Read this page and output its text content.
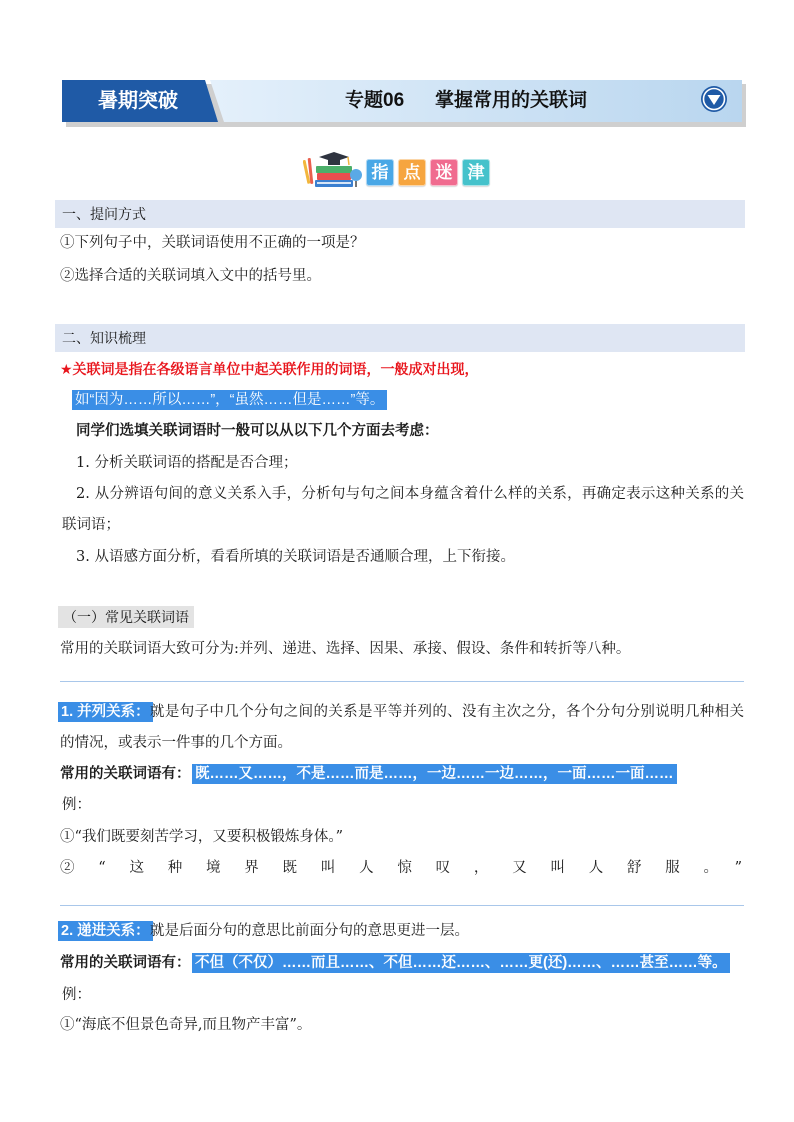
暑期突破	专题06 掌握常用的关联词
指 点 迷 津
一、提问方式
①下列句子中，关联词语使用不正确的一项是？
②选择合适的关联词填入文中的括号里。
二、知识梳理
★关联词是指在各级语言单位中起关联作用的词语，一般成对出现，
如“因为……所以……”，“虽然……但是……”等。
同学们选填关联词语时一般可以从以下几个方面去考虑：
1. 分析关联词语的搭配是否合理；
2. 从分辨语句间的意义关系入手，分析句与句之间本身蕴含着什么样的关系，再确定表示这种关系的关
联词语；
3. 从语感方面分析，看看所填的关联词语是否通顺合理，上下衔接。
（一）常见关联词语
常用的关联词语大致可分为:并列、递进、选择、因果、承接、假设、条件和转折等八种。
1. 并列关系： 就是句子中几个分句之间的关系是平等并列的、没有主次之分，各个分句分别说明几种相关
的情况，或表示一件事的几个方面。
常用的关联词语有： 既……又……，不是……而是……，一边……一边……，一面……一面……
例：
①“我们既要刻苦学习，又要积极锻炼身体。”
②“这种境界既叫人惊叹，又叫人舒服。”
2. 递进关系： 就是后面分句的意思比前面分句的意思更进一层。
常用的关联词语有： 不但（不仅）……而且……、不但……还……、……更(还)……、……甚至……等。
例：
①“海底不但景色奇异,而且物产丰富”。
